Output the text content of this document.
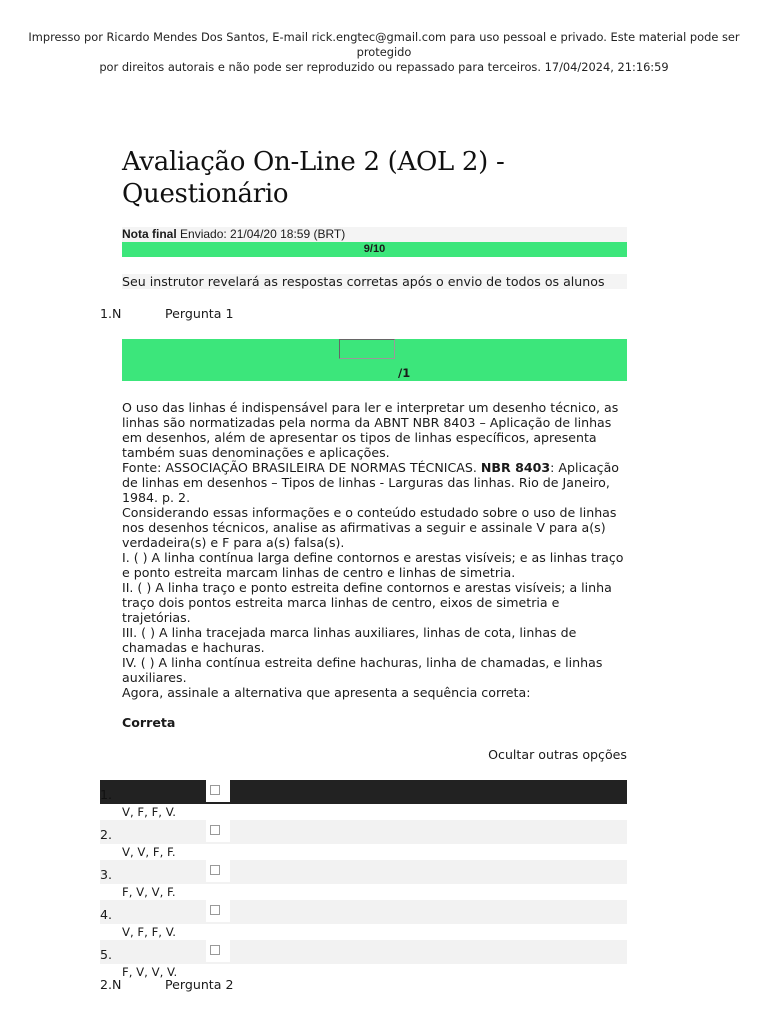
Impresso por Ricardo Mendes Dos Santos, E-mail rick.engtec@gmail.com para uso pessoal e privado. Este material pode ser protegido
por direitos autorais e não pode ser reproduzido ou repassado para terceiros. 17/04/2024, 21:16:59
Avaliação On-Line 2 (AOL 2) -
Questionário
Nota final Enviado: 21/04/20 18:59 (BRT)
9/10
Seu instrutor revelará as respostas corretas após o envio de todos os alunos
1.N	Pergunta 1
/1

O uso das linhas é indispensável para ler e interpretar um desenho técnico, as linhas são normatizadas pela norma da ABNT NBR 8403 – Aplicação de linhas em desenhos, além de apresentar os tipos de linhas específicos, apresenta também suas denominações e aplicações.

Fonte: ASSOCIAÇÃO BRASILEIRA DE NORMAS TÉCNICAS. NBR 8403: Aplicação de linhas em desenhos – Tipos de linhas - Larguras das linhas. Rio de Janeiro, 1984. p. 2.

Considerando essas informações e o conteúdo estudado sobre o uso de linhas nos desenhos técnicos, analise as afirmativas a seguir e assinale V para a(s) verdadeira(s) e F para a(s) falsa(s).

I. ( ) A linha contínua larga define contornos e arestas visíveis; e as linhas traço e ponto estreita marcam linhas de centro e linhas de simetria.

II. ( ) A linha traço e ponto estreita define contornos e arestas visíveis; a linha traço dois pontos estreita marca linhas de centro, eixos de simetria e trajetórias.

III. ( ) A linha tracejada marca linhas auxiliares, linhas de cota, linhas de chamadas e hachuras.

IV. ( ) A linha contínua estreita define hachuras, linha de chamadas, e linhas auxiliares.

Agora, assinale a alternativa que apresenta a sequência correta:

Correta
Ocultar outras opções
1.
V, F, F, V.
2.
V, V, F, F.
3.
F, V, V, F.
4.
V, F, F, V.
5.
F, V, V, V.
2.N	Pergunta 2
